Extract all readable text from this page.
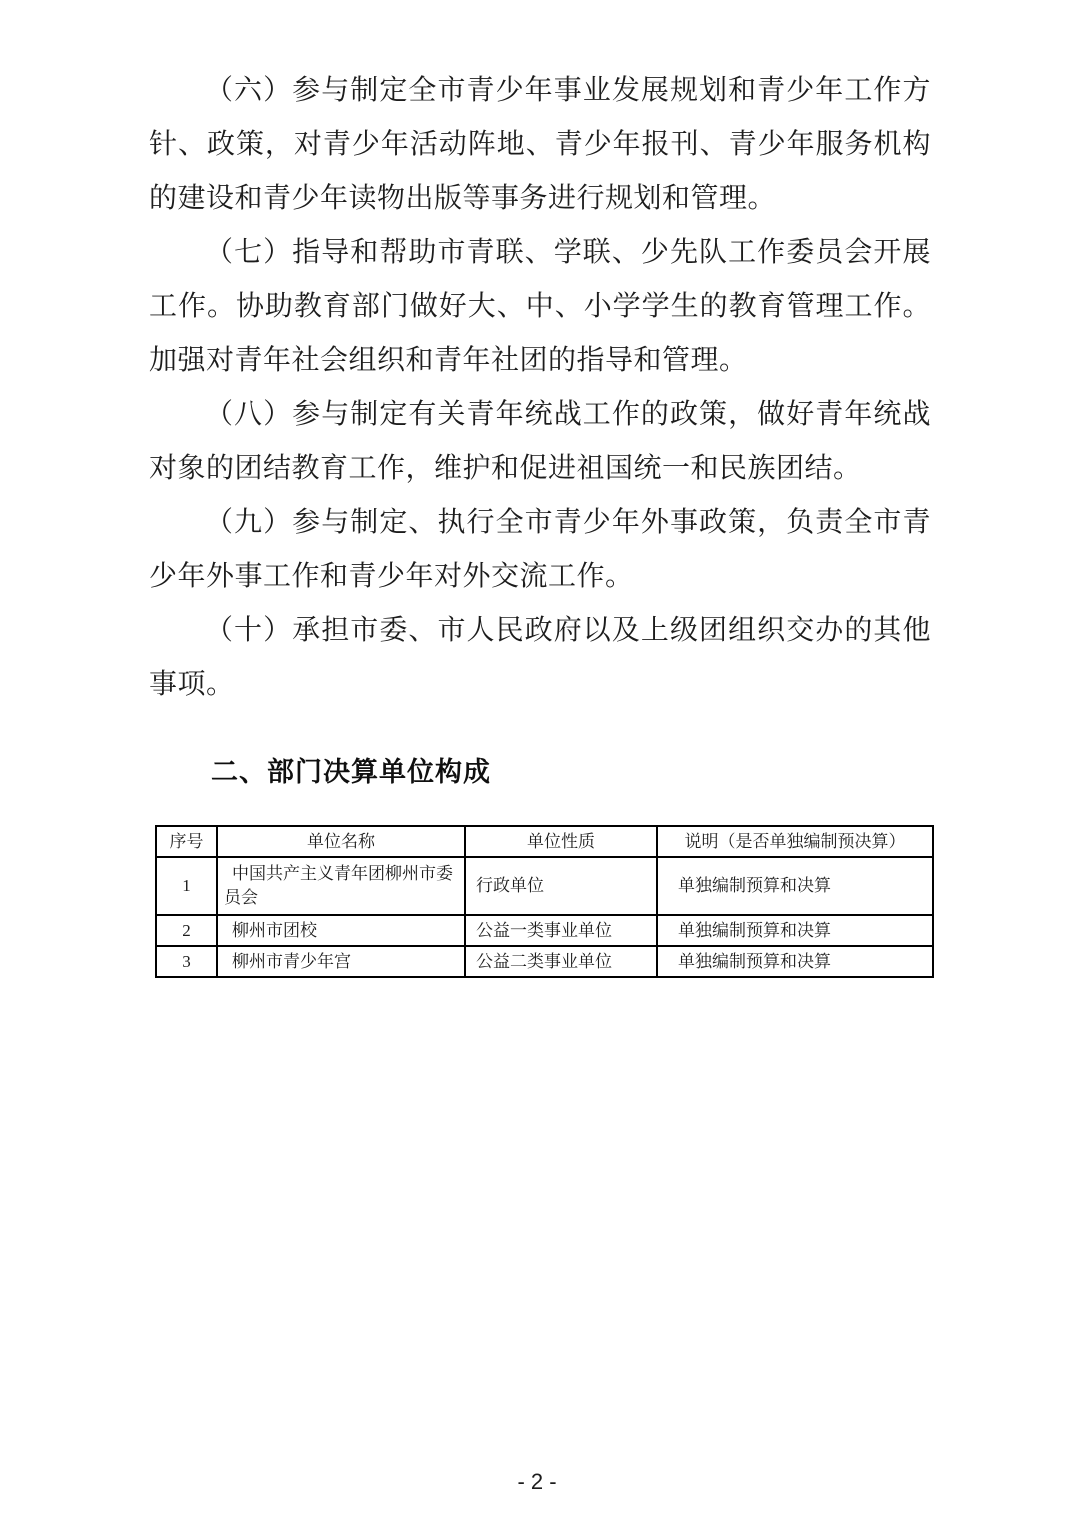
（六）参与制定全市青少年事业发展规划和青少年工作方针、政策，对青少年活动阵地、青少年报刊、青少年服务机构的建设和青少年读物出版等事务进行规划和管理。

（七）指导和帮助市青联、学联、少先队工作委员会开展工作。协助教育部门做好大、中、小学学生的教育管理工作。加强对青年社会组织和青年社团的指导和管理。

（八）参与制定有关青年统战工作的政策，做好青年统战对象的团结教育工作，维护和促进祖国统一和民族团结。

（九）参与制定、执行全市青少年外事政策，负责全市青少年外事工作和青少年对外交流工作。

（十）承担市委、市人民政府以及上级团组织交办的其他事项。

二、部门决算单位构成
序号	单位名称	单位性质	说明（是否单独编制预决算）
1	中国共产主义青年团柳州市委员会	行政单位	单独编制预算和决算
2	柳州市团校	公益一类事业单位	单独编制预算和决算
3	柳州市青少年宫	公益二类事业单位	单独编制预算和决算
- 2 -
